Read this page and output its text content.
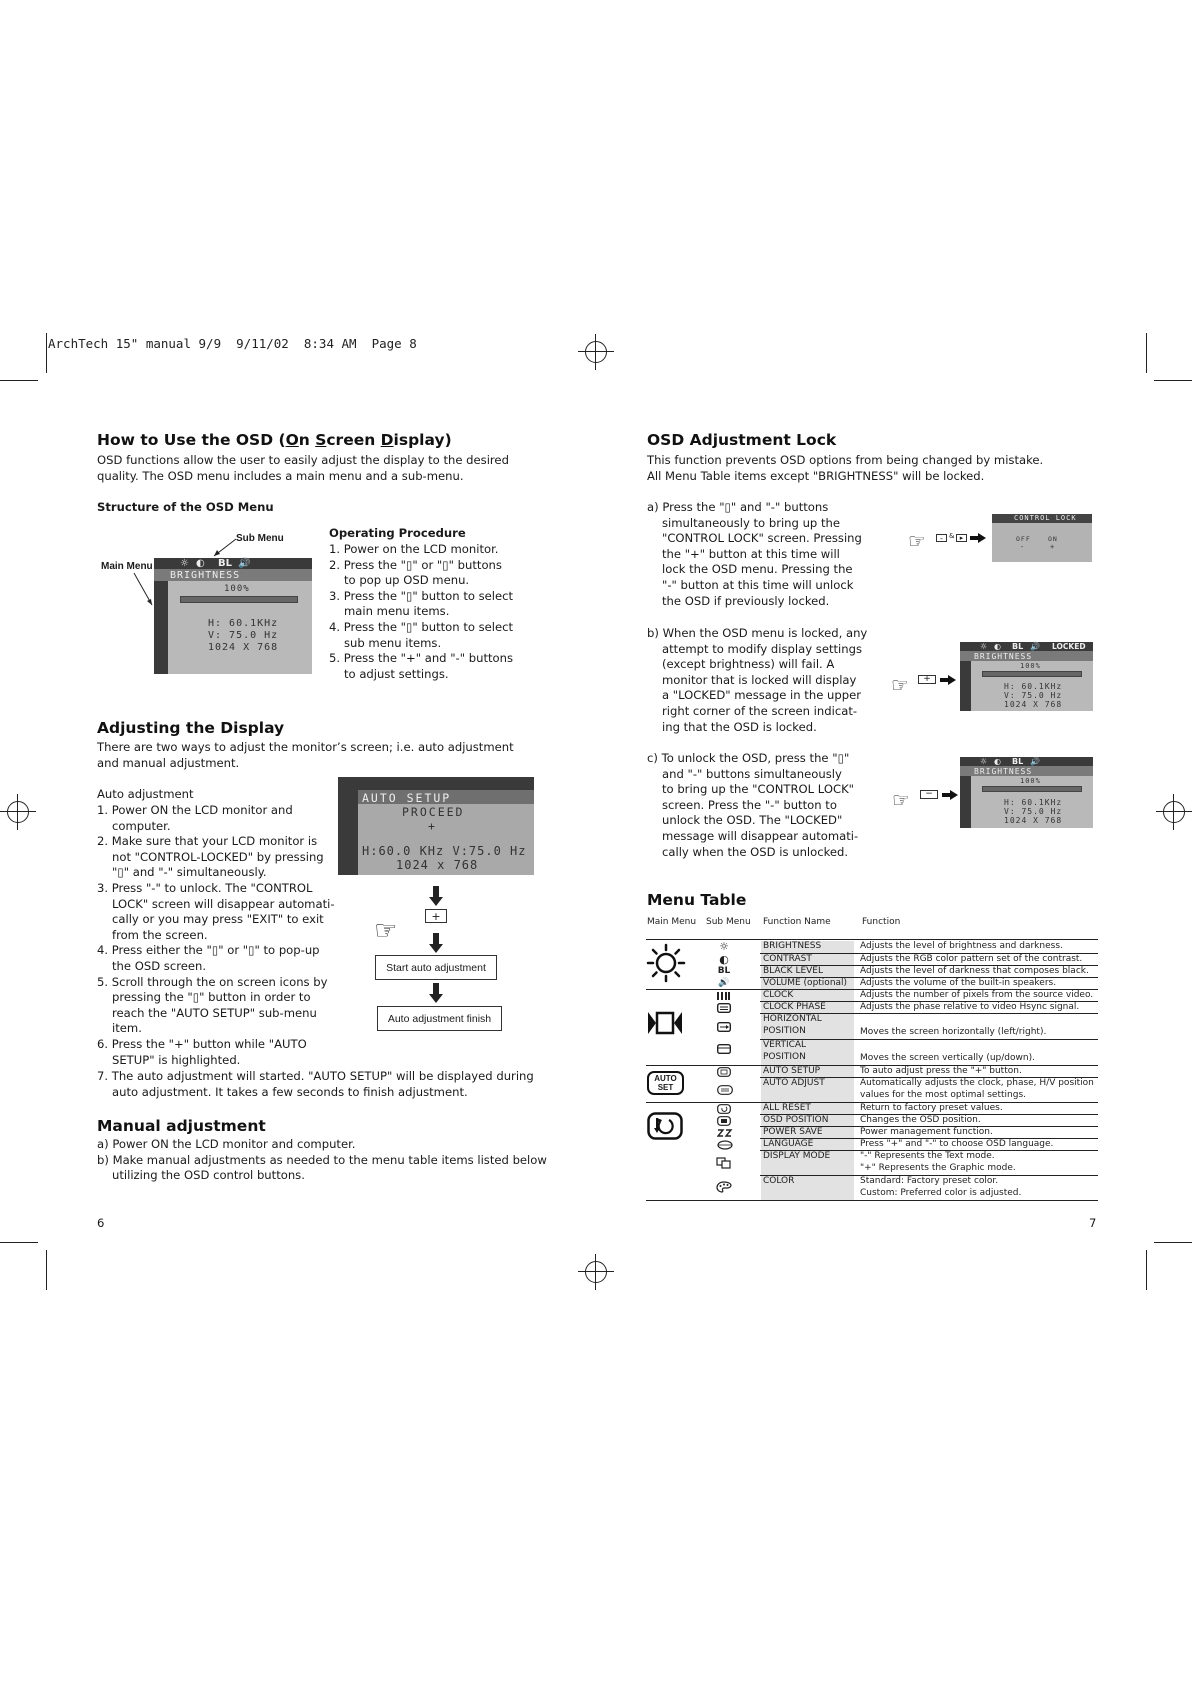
ArchTech 15" manual 9/9  9/11/02  8:34 AM  Page 8
How to Use the OSD (On Screen Display)
OSD functions allow the user to easily adjust the display to the desired
quality. The OSD menu includes a main menu and a sub-menu.
Structure of the OSD Menu
Sub Menu
Main Menu	☼ ◐ BL 🔊
BRIGHTNESS
100%
H: 60.1KHz
V: 75.0 Hz
1024 X 768
Operating Procedure
1. Power on the LCD monitor.
2. Press the "▯" or "▯" buttons
to pop up OSD menu.
3. Press the "▯" button to select
main menu items.
4. Press the "▯" button to select
sub menu items.
5. Press the "+" and "-" buttons
to adjust settings.
Adjusting the Display
There are two ways to adjust the monitor’s screen; i.e. auto adjustment
and manual adjustment.
Auto adjustment
1. Power ON the LCD monitor and
computer.
2. Make sure that your LCD monitor is
not "CONTROL-LOCKED" by pressing
"▯" and "-" simultaneously.
3. Press "-" to unlock. The "CONTROL
LOCK" screen will disappear automati-
cally or you may press "EXIT" to exit
from the screen.
4. Press either the "▯" or "▯" to pop-up
the OSD screen.
5. Scroll through the on screen icons by
pressing the "▯" button in order to
reach the "AUTO SETUP" sub-menu
item.
6. Press the "+" button while "AUTO
SETUP" is highlighted.
7. The auto adjustment will started. "AUTO SETUP" will be displayed during
auto adjustment. It takes a few seconds to finish adjustment.
AUTO SETUP
PROCEED
+
H:60.0 KHz V:75.0 Hz
1024 x 768
+
☞
Start auto adjustment
Auto adjustment finish
Manual adjustment
a) Power ON the LCD monitor and computer.
b) Make manual adjustments as needed to the menu table items listed below
utilizing the OSD control buttons.
6
OSD Adjustment Lock
This function prevents OSD options from being changed by mistake.
All Menu Table items except "BRIGHTNESS" will be locked.
a) Press the "▯" and "-" buttons
simultaneously to bring up the
"CONTROL LOCK" screen. Pressing
the "+" button at this time will
lock the OSD menu. Pressing the
"-" button at this time will unlock
the OSD if previously locked.
☞	- & ▸
CONTROL LOCK
OFF	ON
-	+
b) When the OSD menu is locked, any
attempt to modify display settings
(except brightness) will fail. A
monitor that is locked will display
a "LOCKED" message in the upper
right corner of the screen indicat-
ing that the OSD is locked.
☞	+
☼ ◐ BL 🔊 LOCKED
BRIGHTNESS
100%
H: 60.1KHz
V: 75.0 Hz
1024 X 768
c) To unlock the OSD, press the "▯"
and "-" buttons simultaneously
to bring up the "CONTROL LOCK"
screen. Press the "-" button to
unlock the OSD. The "LOCKED"
message will disappear automati-
cally when the OSD is unlocked.
☞	−
☼ ◐ BL 🔊
BRIGHTNESS
100%
H: 60.1KHz
V: 75.0 Hz
1024 X 768
Menu Table
Main Menu Sub Menu Function Name	Function
☼	BRIGHTNESS	Adjusts the level of brightness and darkness.
◐	CONTRAST	Adjusts the RGB color pattern set of the contrast.
BL	BLACK LEVEL	Adjusts the level of darkness that composes black.
🔊	VOLUME (optional)	Adjusts the volume of the built-in speakers.
CLOCK	Adjusts the number of pixels from the source video.
CLOCK PHASE	Adjusts the phase relative to video Hsync signal.
HORIZONTAL
POSITION	Moves the screen horizontally (left/right).
VERTICAL
POSITION	Moves the screen vertically (up/down).
AUTO
SET
AUTO SETUP	To auto adjust press the "+" button.
AUTO ADJUST	Automatically adjusts the clock, phase, H/V position
values for the most optimal settings.
ALL RESET	Return to factory preset values.
OSD POSITION	Changes the OSD position.
POWER SAVE	Power management function.
LANGUAGE	Press "+" and "-" to choose OSD language.
DISPLAY MODE	"-" Represents the Text mode.
"+" Represents the Graphic mode.
COLOR	Standard: Factory preset color.
Custom: Preferred color is adjusted.
7
